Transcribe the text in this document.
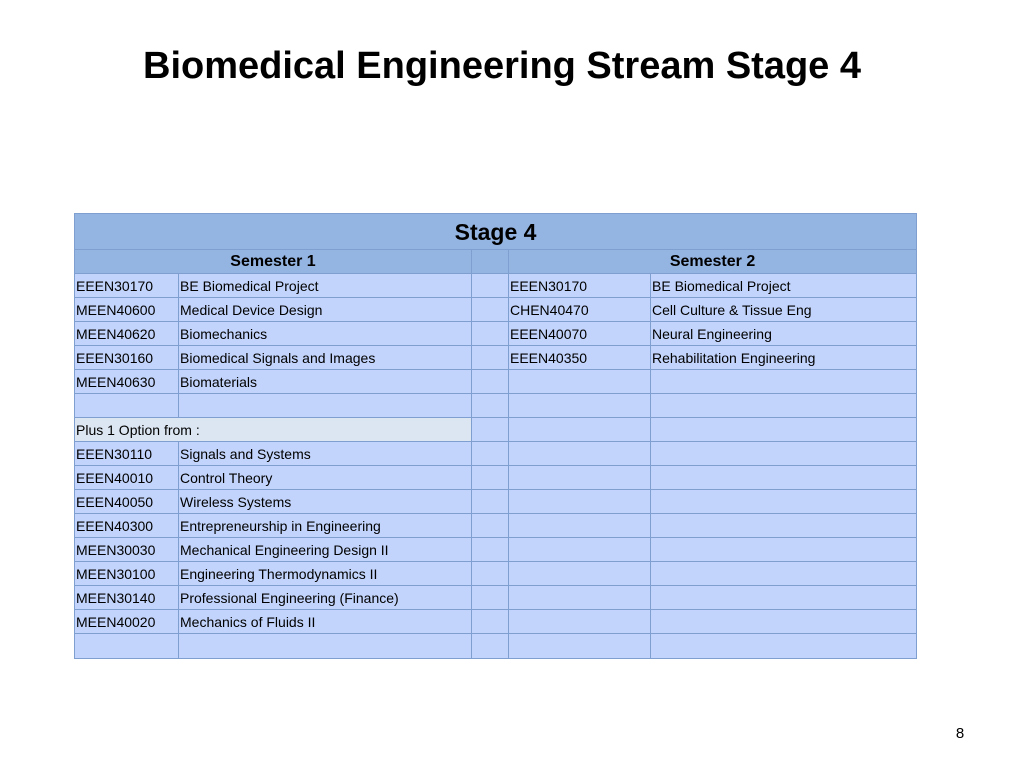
Biomedical Engineering Stream Stage 4
Stage 4				
Semester 1			Semester 2	
EEEN30170	BE Biomedical Project		EEEN30170	BE Biomedical Project
MEEN40600	Medical Device Design		CHEN40470	Cell Culture & Tissue Eng
MEEN40620	Biomechanics		EEEN40070	Neural Engineering
EEEN30160	Biomedical Signals and Images		EEEN40350	Rehabilitation Engineering
MEEN40630	Biomaterials			

Plus 1 Option from :				
EEEN30110	Signals and Systems			
EEEN40010	Control Theory			
EEEN40050	Wireless Systems			
EEEN40300	Entrepreneurship in Engineering			
MEEN30030	Mechanical Engineering Design II			
MEEN30100	Engineering Thermodynamics II			
MEEN30140	Professional Engineering (Finance)			
MEEN40020	Mechanics of Fluids II			

8
